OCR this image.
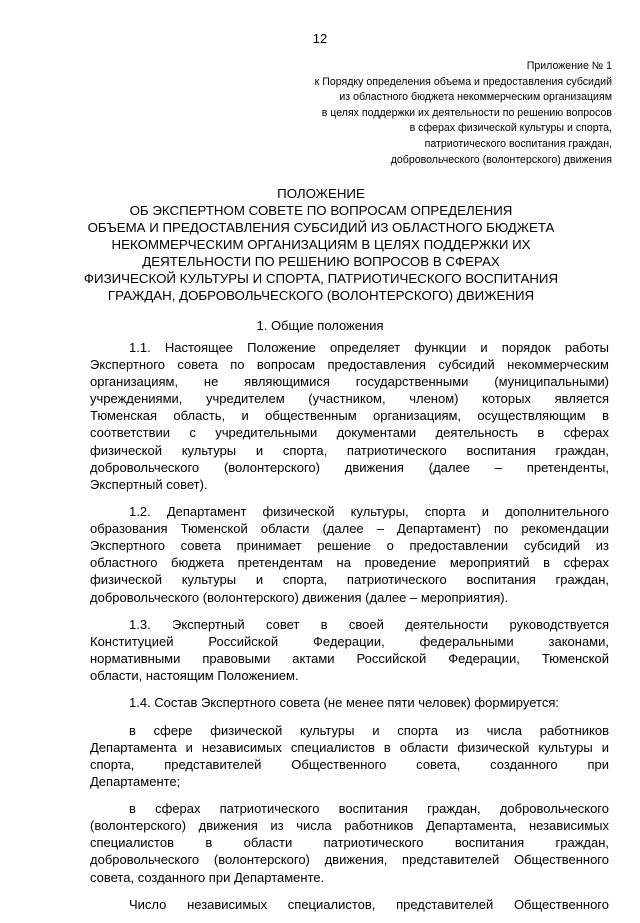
12
Приложение № 1
к Порядку определения объема и предоставления субсидий
из областного бюджета некоммерческим организациям
в целях поддержки их деятельности по решению вопросов
в сферах физической культуры и спорта,
патриотического воспитания граждан,
добровольческого (волонтерского) движения
ПОЛОЖЕНИЕ
ОБ ЭКСПЕРТНОМ СОВЕТЕ ПО ВОПРОСАМ ОПРЕДЕЛЕНИЯ
ОБЪЕМА И ПРЕДОСТАВЛЕНИЯ СУБСИДИЙ ИЗ ОБЛАСТНОГО БЮДЖЕТА
НЕКОММЕРЧЕСКИМ ОРГАНИЗАЦИЯМ В ЦЕЛЯХ ПОДДЕРЖКИ ИХ
ДЕЯТЕЛЬНОСТИ ПО РЕШЕНИЮ ВОПРОСОВ В СФЕРАХ
ФИЗИЧЕСКОЙ КУЛЬТУРЫ И СПОРТА, ПАТРИОТИЧЕСКОГО ВОСПИТАНИЯ
ГРАЖДАН, ДОБРОВОЛЬЧЕСКОГО (ВОЛОНТЕРСКОГО) ДВИЖЕНИЯ
1. Общие положения
1.1. Настоящее Положение определяет функции и порядок работы
Экспертного совета по вопросам предоставления субсидий некоммерческим
организациям, не являющимися государственными (муниципальными)
учреждениями, учредителем (участником, членом) которых является
Тюменская область, и общественным организациям, осуществляющим в
соответствии с учредительными документами деятельность в сферах
физической культуры и спорта, патриотического воспитания граждан,
добровольческого (волонтерского) движения (далее – претенденты,
Экспертный совет).
1.2. Департамент физической культуры, спорта и дополнительного
образования Тюменской области (далее – Департамент) по рекомендации
Экспертного совета принимает решение о предоставлении субсидий из
областного бюджета претендентам на проведение мероприятий в сферах
физической культуры и спорта, патриотического воспитания граждан,
добровольческого (волонтерского) движения (далее – мероприятия).
1.3. Экспертный совет в своей деятельности руководствуется
Конституцией Российской Федерации, федеральными законами,
нормативными правовыми актами Российской Федерации, Тюменской
области, настоящим Положением.
1.4. Состав Экспертного совета (не менее пяти человек) формируется:
в сфере физической культуры и спорта из числа работников
Департамента и независимых специалистов в области физической культуры и
спорта, представителей Общественного совета, созданного при
Департаменте;
в сферах патриотического воспитания граждан, добровольческого
(волонтерского) движения из числа работников Департамента, независимых
специалистов в области патриотического воспитания граждан,
добровольческого (волонтерского) движения, представителей Общественного
совета, созданного при Департаменте.
Число независимых специалистов, представителей Общественного
